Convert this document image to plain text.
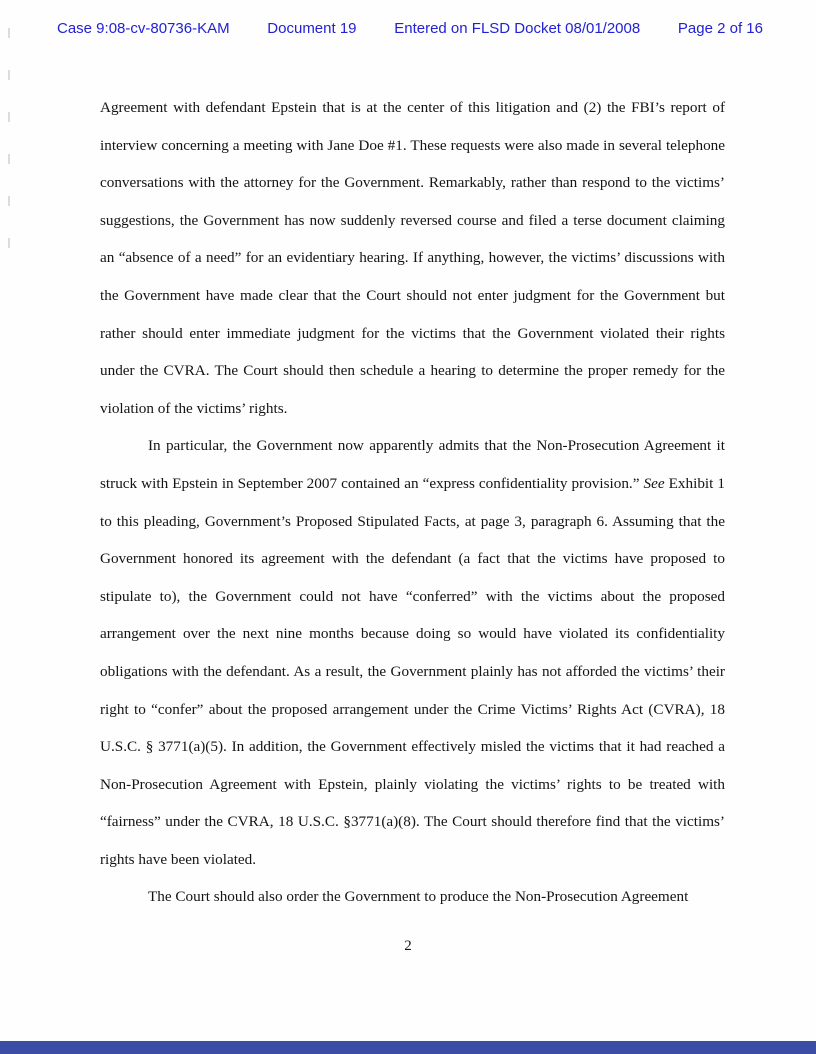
Case 9:08-cv-80736-KAM	Document 19	Entered on FLSD Docket 08/01/2008	Page 2 of 16

Agreement with defendant Epstein that is at the center of this litigation and (2) the FBI’s report of interview concerning a meeting with Jane Doe #1. These requests were also made in several telephone conversations with the attorney for the Government. Remarkably, rather than respond to the victims’ suggestions, the Government has now suddenly reversed course and filed a terse document claiming an “absence of a need” for an evidentiary hearing. If anything, however, the victims’ discussions with the Government have made clear that the Court should not enter judgment for the Government but rather should enter immediate judgment for the victims that the Government violated their rights under the CVRA. The Court should then schedule a hearing to determine the proper remedy for the violation of the victims’ rights.

In particular, the Government now apparently admits that the Non-Prosecution Agreement it struck with Epstein in September 2007 contained an “express confidentiality provision.” See Exhibit 1 to this pleading, Government’s Proposed Stipulated Facts, at page 3, paragraph 6. Assuming that the Government honored its agreement with the defendant (a fact that the victims have proposed to stipulate to), the Government could not have “conferred” with the victims about the proposed arrangement over the next nine months because doing so would have violated its confidentiality obligations with the defendant. As a result, the Government plainly has not afforded the victims’ their right to “confer” about the proposed arrangement under the Crime Victims’ Rights Act (CVRA), 18 U.S.C. § 3771(a)(5). In addition, the Government effectively misled the victims that it had reached a Non-Prosecution Agreement with Epstein, plainly violating the victims’ rights to be treated with “fairness” under the CVRA, 18 U.S.C. §3771(a)(8). The Court should therefore find that the victims’ rights have been violated.

The Court should also order the Government to produce the Non-Prosecution Agreement

2
